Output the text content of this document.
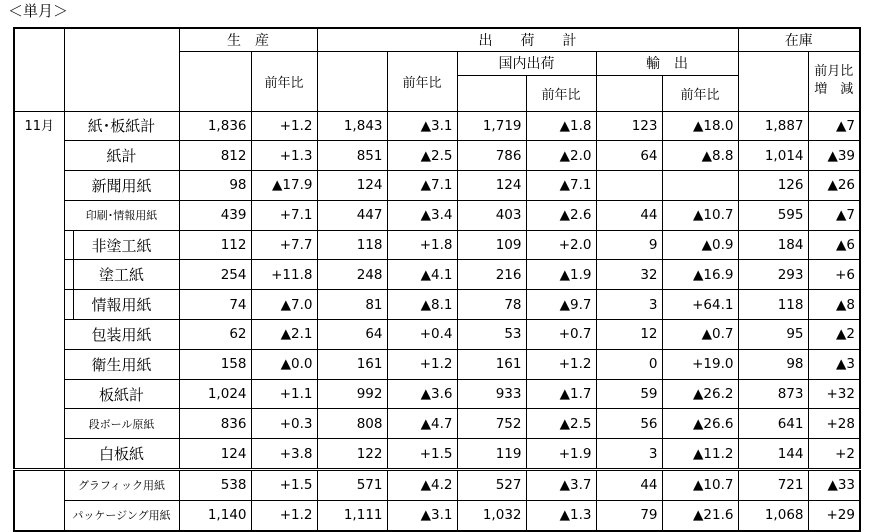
＜単月＞
		生　産		出　　荷　　計						在庫	
			前年比		前年比	国内出荷		輸　出			前月比
増　減

							前年比		前年比		
11月	紙･板紙計	1,836	+1.2	1,843	▲3.1	1,719	▲1.8	123	▲18.0	1,887	▲7
	紙計	812	+1.3	851	▲2.5	786	▲2.0	64	▲8.8	1,014	▲39
	新聞用紙	98	▲17.9	124	▲7.1	124	▲7.1			126	▲26
	印刷･情報用紙	439	+7.1	447	▲3.4	403	▲2.6	44	▲10.7	595	▲7
	非塗工紙	112	+7.7	118	+1.8	109	+2.0	9	▲0.9	184	▲6
	塗工紙	254	+11.8	248	▲4.1	216	▲1.9	32	▲16.9	293	+6
	情報用紙	74	▲7.0	81	▲8.1	78	▲9.7	3	+64.1	118	▲8
	包装用紙	62	▲2.1	64	+0.4	53	+0.7	12	▲0.7	95	▲2
	衛生用紙	158	▲0.0	161	+1.2	161	+1.2	0	+19.0	98	▲3
	板紙計	1,024	+1.1	992	▲3.6	933	▲1.7	59	▲26.2	873	+32
	段ボール原紙	836	+0.3	808	▲4.7	752	▲2.5	56	▲26.6	641	+28
	白板紙	124	+3.8	122	+1.5	119	+1.9	3	▲11.2	144	+2
	グラフィック用紙	538	+1.5	571	▲4.2	527	▲3.7	44	▲10.7	721	▲33
	パッケージング用紙	1,140	+1.2	1,111	▲3.1	1,032	▲1.3	79	▲21.6	1,068	+29
